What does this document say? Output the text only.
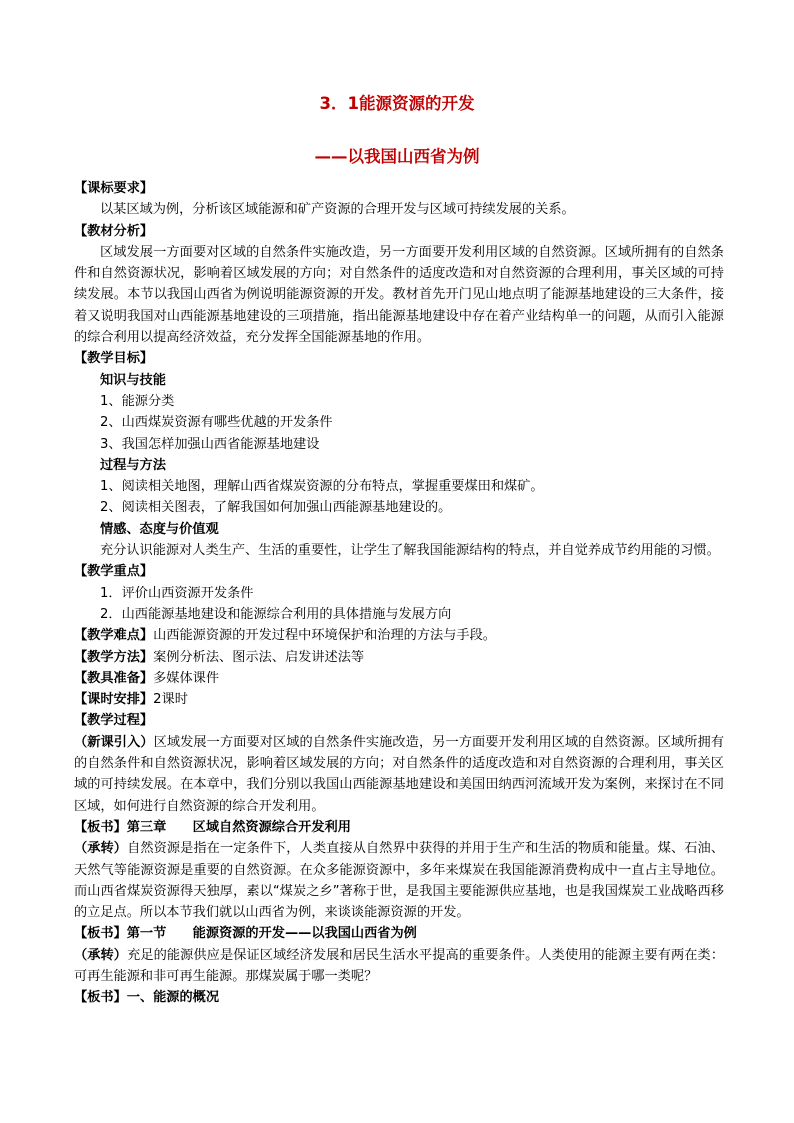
3．1能源资源的开发
——以我国山西省为例

【课标要求】

以某区域为例，分析该区域能源和矿产资源的合理开发与区域可持续发展的关系。

【教材分析】

区域发展一方面要对区域的自然条件实施改造，另一方面要开发利用区域的自然资源。区域所拥有的自然条件和自然资源状况，影响着区域发展的方向；对自然条件的适度改造和对自然资源的合理利用，事关区域的可持续发展。本节以我国山西省为例说明能源资源的开发。教材首先开门见山地点明了能源基地建设的三大条件，接着又说明我国对山西能源基地建设的三项措施，指出能源基地建设中存在着产业结构单一的问题，从而引入能源的综合利用以提高经济效益，充分发挥全国能源基地的作用。

【教学目标】

知识与技能

1、能源分类

2、山西煤炭资源有哪些优越的开发条件

3、我国怎样加强山西省能源基地建设

过程与方法

1、阅读相关地图，理解山西省煤炭资源的分布特点，掌握重要煤田和煤矿。

2、阅读相关图表，了解我国如何加强山西能源基地建设的。

情感、态度与价值观

充分认识能源对人类生产、生活的重要性，让学生了解我国能源结构的特点，并自觉养成节约用能的习惯。

【教学重点】

1．评价山西资源开发条件

2．山西能源基地建设和能源综合利用的具体措施与发展方向

【教学难点】山西能源资源的开发过程中环境保护和治理的方法与手段。

【教学方法】案例分析法、图示法、启发讲述法等

【教具准备】多媒体课件

【课时安排】2课时

【教学过程】

（新课引入）区域发展一方面要对区域的自然条件实施改造，另一方面要开发利用区域的自然资源。区域所拥有的自然条件和自然资源状况，影响着区域发展的方向；对自然条件的适度改造和对自然资源的合理利用，事关区域的可持续发展。在本章中，我们分别以我国山西能源基地建设和美国田纳西河流域开发为案例，来探讨在不同区域，如何进行自然资源的综合开发利用。

【板书】第三章　　区域自然资源综合开发利用

（承转）自然资源是指在一定条件下，人类直接从自然界中获得的并用于生产和生活的物质和能量。煤、石油、天然气等能源资源是重要的自然资源。在众多能源资源中，多年来煤炭在我国能源消费构成中一直占主导地位。而山西省煤炭资源得天独厚，素以“煤炭之乡”著称于世，是我国主要能源供应基地，也是我国煤炭工业战略西移的立足点。所以本节我们就以山西省为例，来谈谈能源资源的开发。

【板书】第一节　　能源资源的开发——以我国山西省为例

（承转）充足的能源供应是保证区域经济发展和居民生活水平提高的重要条件。人类使用的能源主要有两在类：可再生能源和非可再生能源。那煤炭属于哪一类呢？

【板书】一、能源的概况
